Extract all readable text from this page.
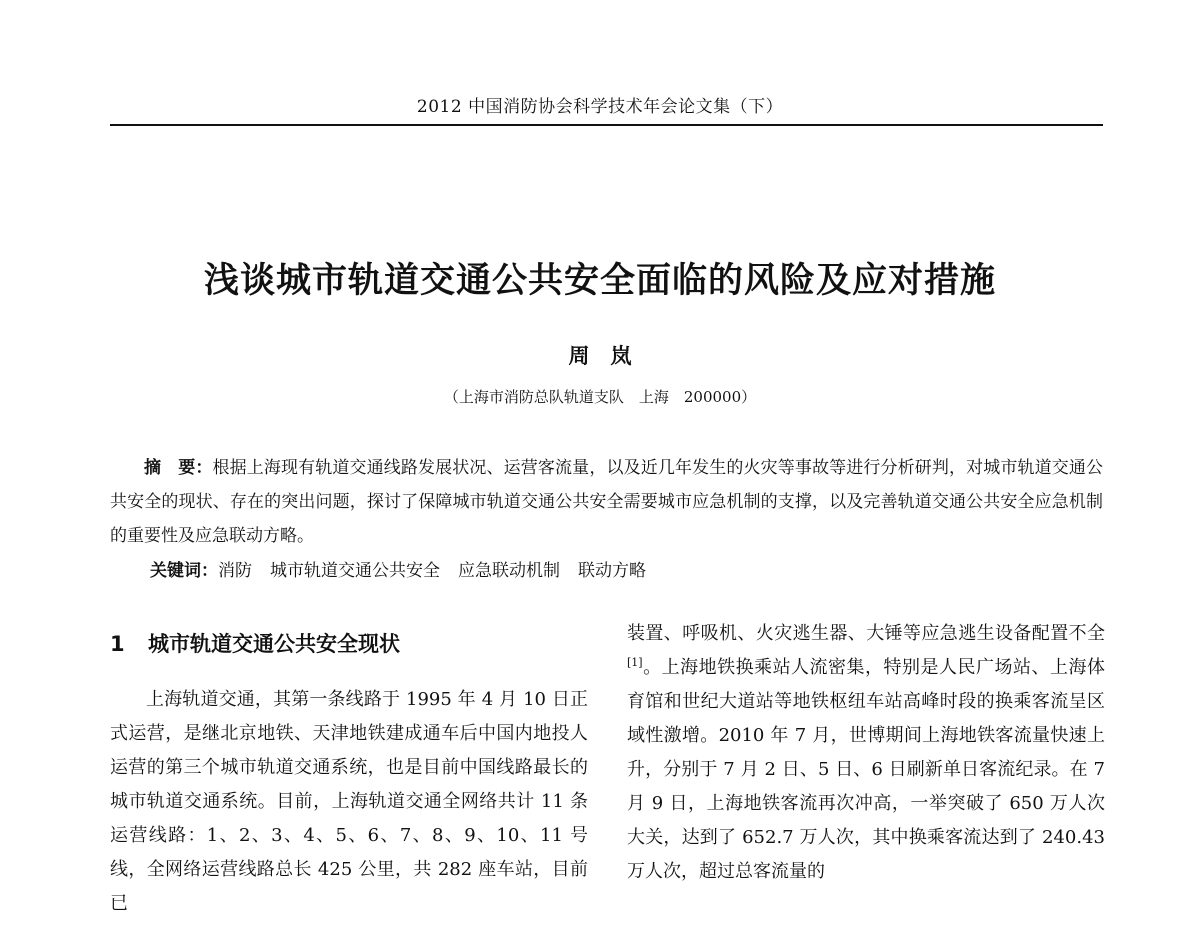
2012 中国消防协会科学技术年会论文集（下）
浅谈城市轨道交通公共安全面临的风险及应对措施
周　岚
（上海市消防总队轨道支队　上海　200000）

摘　要：根据上海现有轨道交通线路发展状况、运营客流量，以及近几年发生的火灾等事故等进行分析研判，对城市轨道交通公共安全的现状、存在的突出问题，探讨了保障城市轨道交通公共安全需要城市应急机制的支撑，以及完善轨道交通公共安全应急机制的重要性及应急联动方略。

关键词：消防 城市轨道交通公共安全 应急联动机制 联动方略

1 城市轨道交通公共安全现状

上海轨道交通，其第一条线路于 1995 年 4 月 10 日正式运营，是继北京地铁、天津地铁建成通车后中国内地投人运营的第三个城市轨道交通系统，也是目前中国线路最长的城市轨道交通系统。目前，上海轨道交通全网络共计 11 条运营线路：1、2、3、4、5、6、7、8、9、10、11 号线，全网络运营线路总长 425 公里，共 282 座车站，目前已

装置、呼吸机、火灾逃生器、大锤等应急逃生设备配置不全[1]。上海地铁换乘站人流密集，特别是人民广场站、上海体育馆和世纪大道站等地铁枢纽车站高峰时段的换乘客流呈区域性激增。2010 年 7 月，世博期间上海地铁客流量快速上升，分别于 7 月 2 日、5 日、6 日刷新单日客流纪录。在 7 月 9 日，上海地铁客流再次冲高，一举突破了 650 万人次大关，达到了 652.7 万人次，其中换乘客流达到了 240.43 万人次，超过总客流量的
